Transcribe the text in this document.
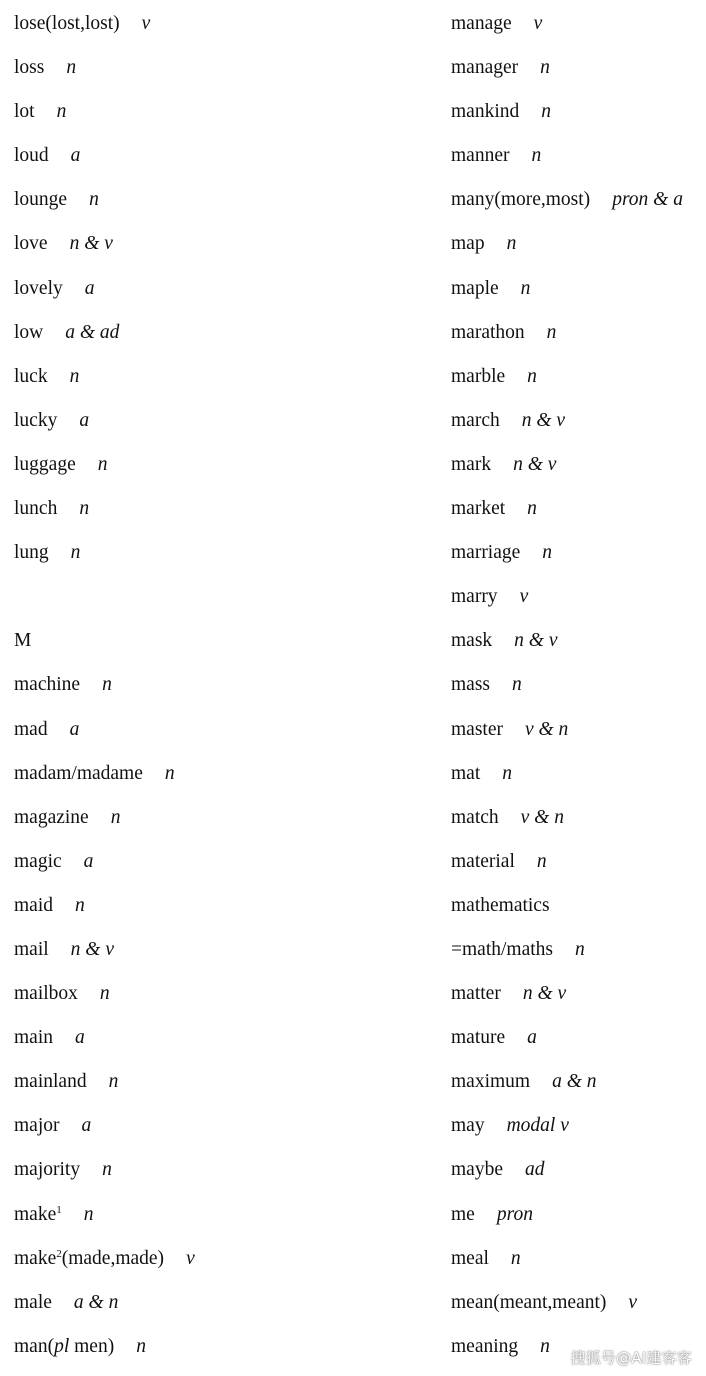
lose(lost,lost) v
loss n
lot n
loud a
lounge n
love n & v
lovely a
low a & ad
luck n
lucky a
luggage n
lunch n
lung n
M
machine n
mad a
madam/madame n
magazine n
magic a
maid n
mail n & v
mailbox n
main a
mainland n
major a
majority n
make$^1$ n
make$^2$(made,made) v
male a & n
man(pl men) n
manage v
manager n
mankind n
manner n
many(more,most) pron & a
map n
maple n
marathon n
marble n
march n & v
mark n & v
market n
marriage n
marry v
mask n & v
mass n
master v & n
mat n
match v & n
material n
mathematics
=math/maths n
matter n & v
mature a
maximum a & n
may modal v
maybe ad
me pron
meal n
mean(meant,meant) v
meaning n
搜狐号@AI建客客
